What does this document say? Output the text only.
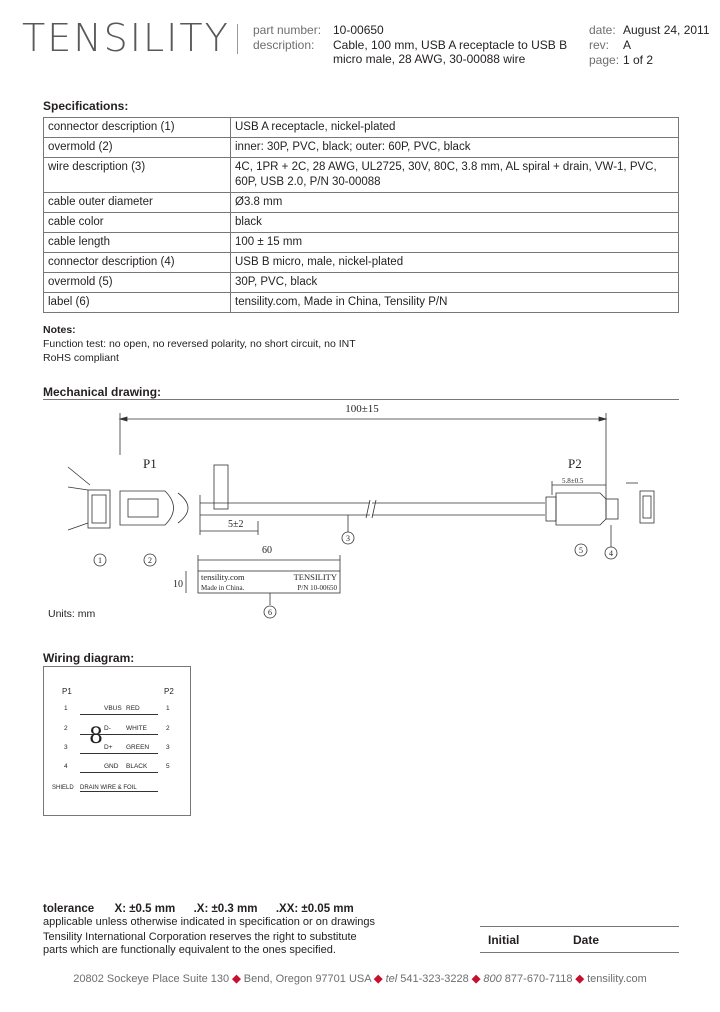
TENSILITY part number: 10-00650
description: Cable, 100 mm, USB A receptacle to USB B
micro male, 28 AWG, 30-00088 wire
date: August 24, 2011
rev: A
page: 1 of 2
Specifications:
connector description (1)	USB A receptacle, nickel-plated
overmold (2)	inner: 30P, PVC, black; outer: 60P, PVC, black
wire description (3)	4C, 1PR + 2C, 28 AWG, UL2725, 30V, 80C, 3.8 mm, AL spiral + drain, VW-1, PVC, 60P, USB 2.0, P/N 30-00088
cable outer diameter	Ø3.8 mm
cable color	black
cable length	100 ± 15 mm
connector description (4)	USB B micro, male, nickel-plated
overmold (5)	30P, PVC, black
label (6)	tensility.com, Made in China, Tensility P/N
Notes:
Function test: no open, no reversed polarity, no short circuit, no INT
RoHS compliant
Mechanical drawing:
100±15
P1	P2
5±2
60
10
5.8±0.5
tensility.com	TENSILITY
Made in China.	P/N 10-00650
1	2
3
4
5
6
Units: mm
Wiring diagram:
P1	P2
1	VBUS RED	1
2	D- WHITE	2
3	D+ GREEN	3
4	GND BLACK	5
SHIELD DRAIN WIRE & FOIL
8
tolerance X: ±0.5 mm .X: ±0.3 mm .XX: ±0.05 mm
applicable unless otherwise indicated in specification or on drawings
Tensility International Corporation reserves the right to substitute
parts which are functionally equivalent to the ones specified.
Initial	Date
20802 Sockeye Place Suite 130 ◆ Bend, Oregon 97701 USA ◆ tel 541-323-3228 ◆ 800 877-670-7118 ◆ tensility.com
